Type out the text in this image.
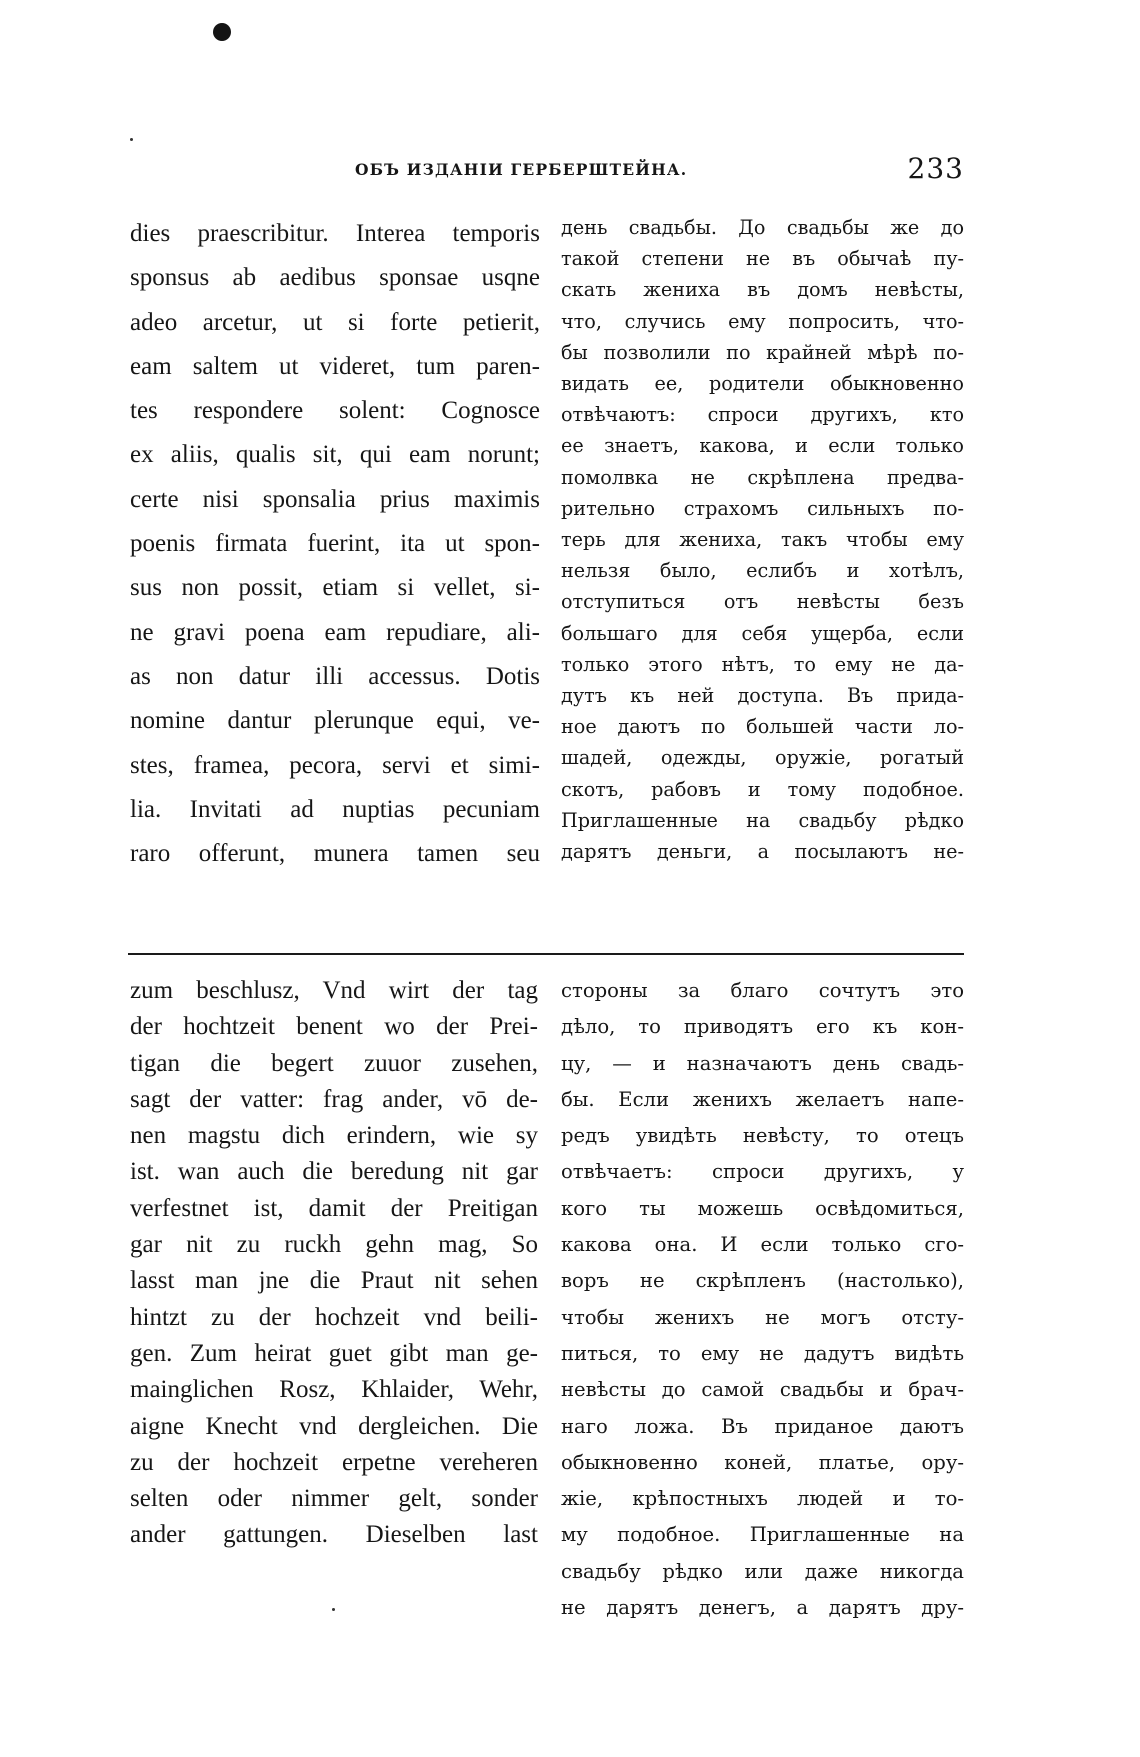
ОБЪ ИЗДАНІИ ГЕРБЕРШТЕЙНА.	233
dies praescribitur. Interea temporis
sponsus ab aedibus sponsae usqne
adeo arcetur, ut si forte petierit,
eam saltem ut videret, tum paren-
tes respondere solent: Cognosce
ex aliis, qualis sit, qui eam norunt;
certe nisi sponsalia prius maximis
poenis firmata fuerint, ita ut spon-
sus non possit, etiam si vellet, si-
ne gravi poena eam repudiare, ali-
as non datur illi accessus. Dotis
nomine dantur plerunque equi, ve-
stes, framea, pecora, servi et simi-
lia. Invitati ad nuptias pecuniam
raro offerunt, munera tamen seu
день свадьбы. До свадьбы же до
такой степени не въ обычаѣ пу-
скать жениха въ домъ невѣсты,
что, случись ему попросить, что-
бы позволили по крайней мѣрѣ по-
видать ее, родители обыкновенно
отвѣчаютъ: спроси другихъ, кто
ее знаетъ, какова, и если только
помолвка не скрѣплена предва-
рительно страхомъ сильныхъ по-
терь для жениха, такъ чтобы ему
нельзя было, еслибъ и хотѣлъ,
отступиться отъ невѣсты безъ
большаго для себя ущерба, если
только этого нѣтъ, то ему не да-
дутъ къ ней доступа. Въ прида-
ное даютъ по большей части ло-
шадей, одежды, оружіе, рогатый
скотъ, рабовъ и тому подобное.
Приглашенные на свадьбу рѣдко
дарятъ деньги, а посылаютъ не-
zum beschlusz, Vnd wirt der tag
der hochtzeit benent wo der Prei-
tigan die begert zuuor zusehen,
sagt der vatter: frag ander, vō de-
nen magstu dich erindern, wie sy
ist. wan auch die beredung nit gar
verfestnet ist, damit der Preitigan
gar nit zu ruckh gehn mag, So
lasst man jne die Praut nit sehen
hintzt zu der hochzeit vnd beili-
gen. Zum heirat guet gibt man ge-
mainglichen Rosz, Khlaider, Wehr,
aigne Knecht vnd dergleichen. Die
zu der hochzeit erpetne vereheren
selten oder nimmer gelt, sonder
ander gattungen. Dieselben last
стороны за благо сочтутъ это
дѣло, то приводятъ его къ кон-
цу, — и назначаютъ день свадь-
бы. Если женихъ желаетъ напе-
редъ увидѣть невѣсту, то отецъ
отвѣчаетъ: спроси другихъ, у
кого ты можешь освѣдомиться,
какова она. И если только сго-
воръ не скрѣпленъ (настолько),
чтобы женихъ не могъ отсту-
питься, то ему не дадутъ видѣть
невѣсты до самой свадьбы и брач-
наго ложа. Въ приданое даютъ
обыкновенно коней, платье, ору-
жіе, крѣпостныхъ людей и то-
му подобное. Приглашенные на
свадьбу рѣдко или даже никогда
не дарятъ денегъ, а дарятъ дру-
